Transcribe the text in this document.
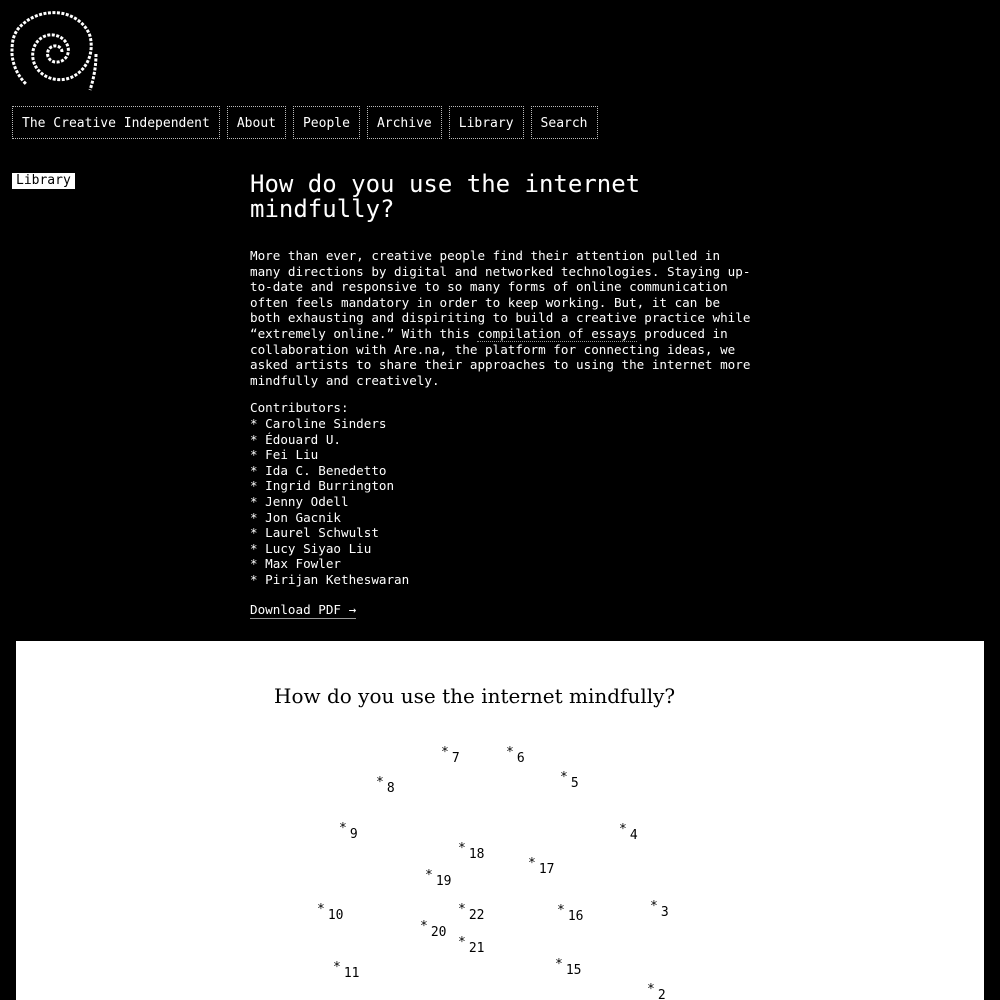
The Creative Independent	About	People	Archive	Library	Search
Library	How do you use the internet
mindfully?

More than ever, creative people find their attention pulled in
many directions by digital and networked technologies. Staying up-
to-date and responsive to so many forms of online communication
often feels mandatory in order to keep working. But, it can be
both exhausting and dispiriting to build a creative practice while
“extremely online.” With this compilation of essays produced in
collaboration with Are.na, the platform for connecting ideas, we
asked artists to share their approaches to using the internet more
mindfully and creatively.

Contributors:
* Caroline Sinders
* Édouard U.
* Fei Liu
* Ida C. Benedetto
* Ingrid Burrington
* Jenny Odell
* Jon Gacnik
* Laurel Schwulst
* Lucy Siyao Liu
* Max Fowler
* Pirijan Ketheswaran
Download PDF →
How do you use the internet mindfully?
* 7	* 6
* 5
* 8
* 4
* 9
* 18
* 17
* 19
* 3
* 10	* 22	* 16
* 20
* 21
* 11
* 15
* 2
